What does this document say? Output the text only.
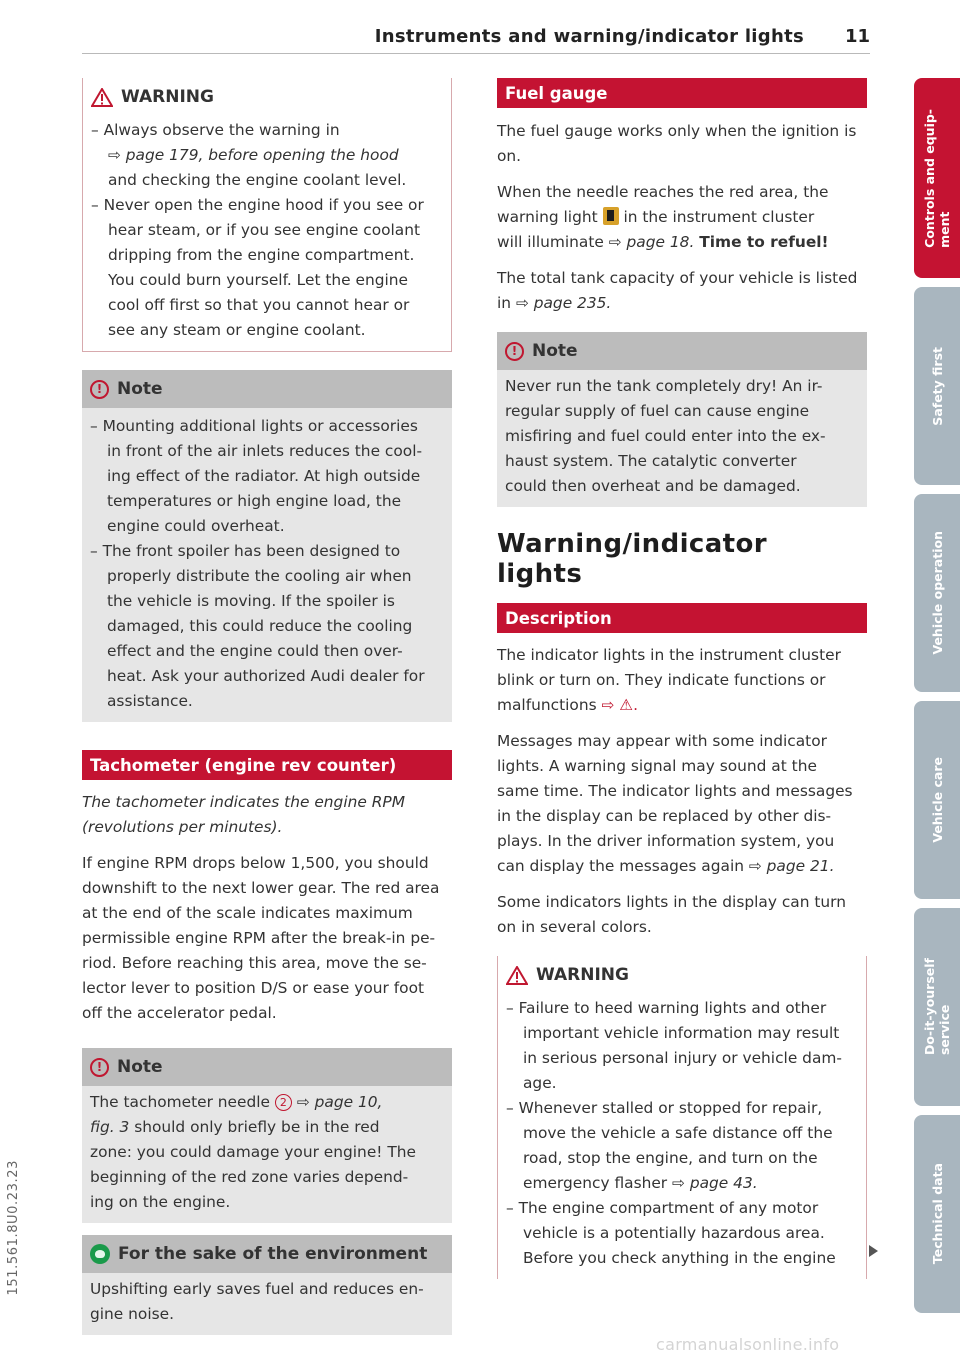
Instruments and warning/indicator lights 11
WARNING
– Always observe the warning in
⇨ page 179, before opening the hood
and checking the engine coolant level.
– Never open the engine hood if you see or
hear steam, or if you see engine coolant
dripping from the engine compartment.
You could burn yourself. Let the engine
cool off first so that you cannot hear or
see any steam or engine coolant.
! Note
– Mounting additional lights or accessories
in front of the air inlets reduces the cool-
ing effect of the radiator. At high outside
temperatures or high engine load, the
engine could overheat.
– The front spoiler has been designed to
properly distribute the cooling air when
the vehicle is moving. If the spoiler is
damaged, this could reduce the cooling
effect and the engine could then over-
heat. Ask your authorized Audi dealer for
assistance.
Tachometer (engine rev counter)
The tachometer indicates the engine RPM
(revolutions per minutes).
If engine RPM drops below 1,500, you should
downshift to the next lower gear. The red area
at the end of the scale indicates maximum
permissible engine RPM after the break-in pe-
riod. Before reaching this area, move the se-
lector lever to position D/S or ease your foot
off the accelerator pedal.
! Note
The tachometer needle 2 ⇨ page 10,
fig. 3 should only briefly be in the red
zone: you could damage your engine! The
beginning of the red zone varies depend-
ing on the engine.
For the sake of the environment
Upshifting early saves fuel and reduces en-
gine noise.
Fuel gauge
The fuel gauge works only when the ignition is
on.
When the needle reaches the red area, the
warning light in the instrument cluster
will illuminate ⇨ page 18. Time to refuel!
The total tank capacity of your vehicle is listed
in ⇨ page 235.
! Note
Never run the tank completely dry! An ir-
regular supply of fuel can cause engine
misfiring and fuel could enter into the ex-
haust system. The catalytic converter
could then overheat and be damaged.
Warning/indicator
lights
Description
The indicator lights in the instrument cluster
blink or turn on. They indicate functions or
malfunctions ⇨ ⚠.
Messages may appear with some indicator
lights. A warning signal may sound at the
same time. The indicator lights and messages
in the display can be replaced by other dis-
plays. In the driver information system, you
can display the messages again ⇨ page 21.
Some indicators lights in the display can turn
on in several colors.
WARNING
– Failure to heed warning lights and other
important vehicle information may result
in serious personal injury or vehicle dam-
age.
– Whenever stalled or stopped for repair,
move the vehicle a safe distance off the
road, stop the engine, and turn on the
emergency flasher ⇨ page 43.
– The engine compartment of any motor
vehicle is a potentially hazardous area.
Before you check anything in the engine
Controls and equip-
ment
Safety first
Vehicle operation
Vehicle care
Do-it-yourself
service
Technical data
151.561.8U0.23.23
carmanualsonline.info
